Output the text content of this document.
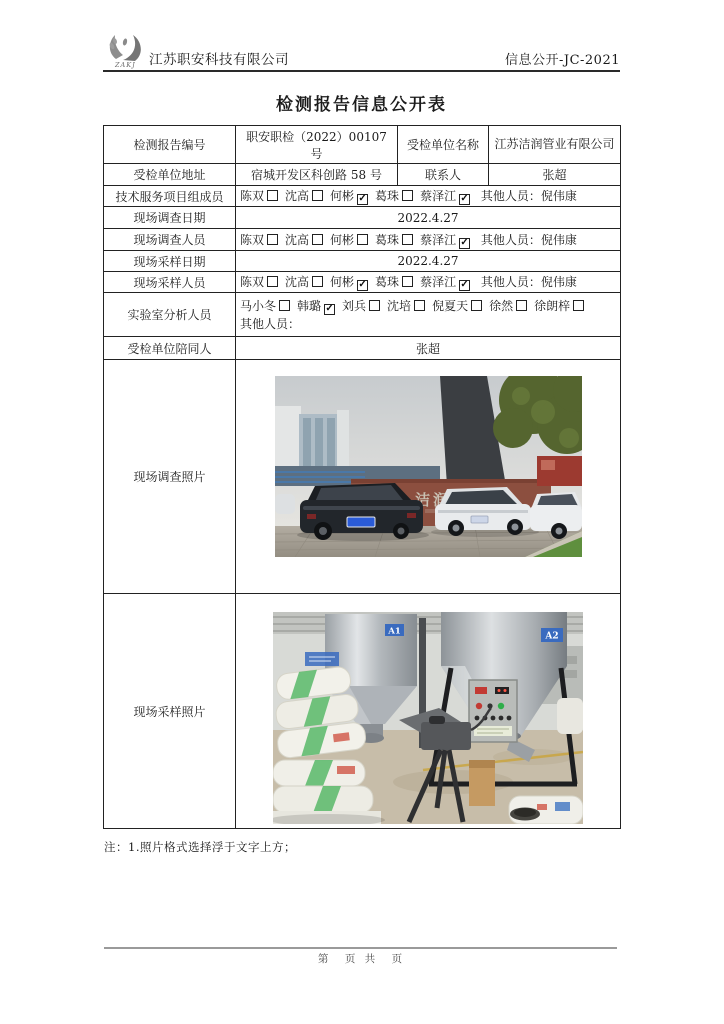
ZAKJ 江苏职安科技有限公司	信息公开-JC-2021
检测报告信息公开表
检测报告编号	职安职检（2022）00107 号	受检单位名称	江苏洁润管业有限公司
受检单位地址	宿城开发区科创路 58 号	联系人	张超
技术服务项目组成员	陈双 沈高 何彬 ✓ 葛珠 蔡泽江 ✓ 其他人员：倪伟康		
现场调查日期	2022.4.27		
现场调查人员	陈双 沈高 何彬 葛珠 蔡泽江 ✓ 其他人员：倪伟康		
现场采样日期	2022.4.27		
现场采样人员	陈双 沈高 何彬 ✓ 葛珠 蔡泽江 ✓ 其他人员：倪伟康		
实验室分析人员	马小冬 韩璐 ✓ 刘兵 沈培 倪夏天 徐然 徐朗梓
其他人员：		

受检单位陪同人	张超		
现场调查照片	

现场采样照片	A1 A2		
注：1.照片格式选择浮于文字上方；
第　页 共　页
